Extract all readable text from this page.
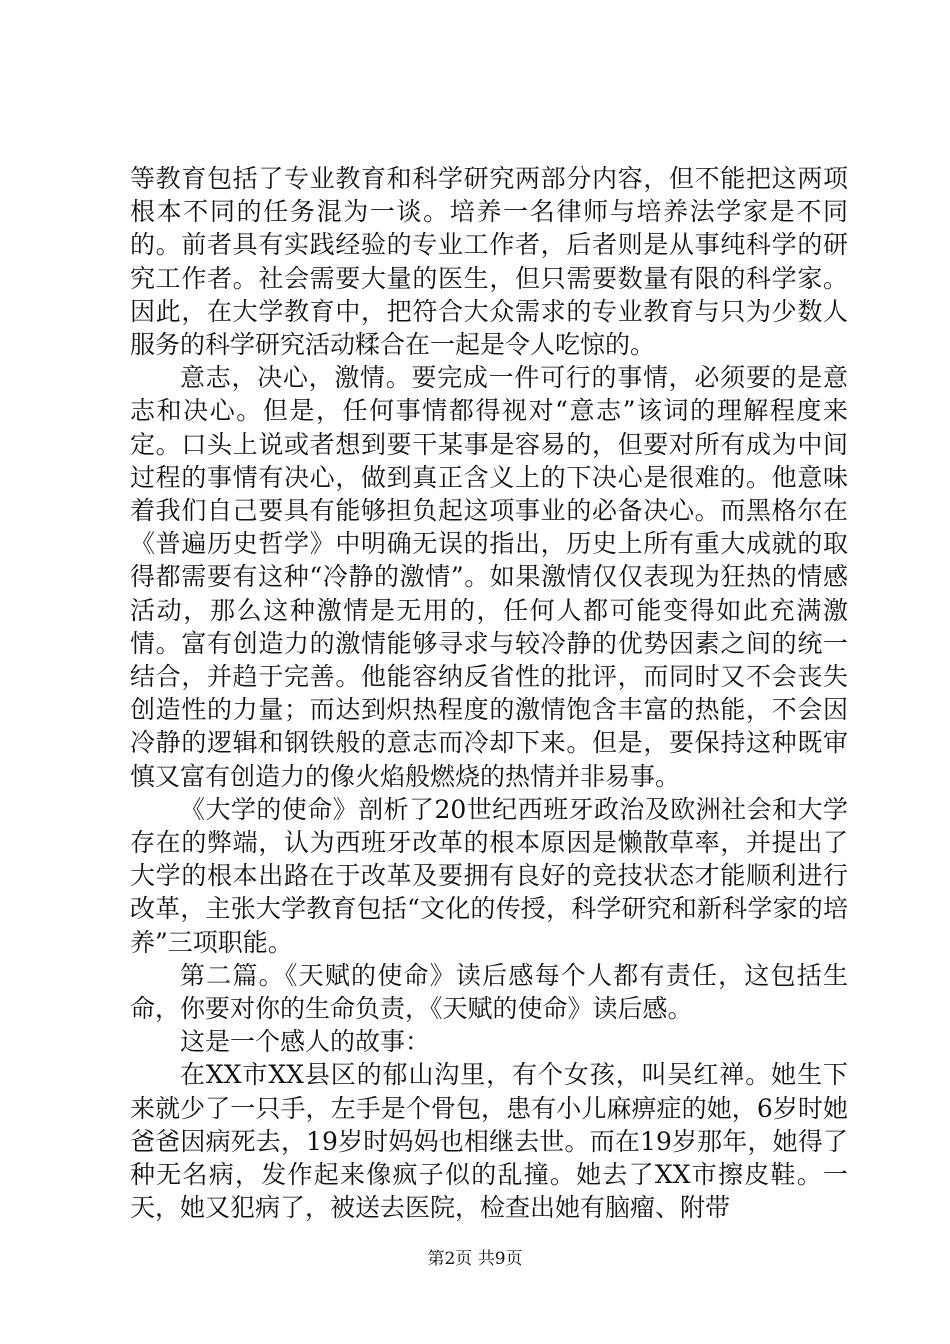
等教育包括了专业教育和科学研究两部分内容，但不能把这两项根本不同的任务混为一谈。培养一名律师与培养法学家是不同的。前者具有实践经验的专业工作者，后者则是从事纯科学的研究工作者。社会需要大量的医生，但只需要数量有限的科学家。因此，在大学教育中，把符合大众需求的专业教育与只为少数人服务的科学研究活动糅合在一起是令人吃惊的。

意志，决心，激情。要完成一件可行的事情，必须要的是意志和决心。但是，任何事情都得视对“意志”该词的理解程度来定。口头上说或者想到要干某事是容易的，但要对所有成为中间过程的事情有决心，做到真正含义上的下决心是很难的。他意味着我们自己要具有能够担负起这项事业的必备决心。而黑格尔在《普遍历史哲学》中明确无误的指出，历史上所有重大成就的取得都需要有这种“冷静的激情”。如果激情仅仅表现为狂热的情感活动，那么这种激情是无用的，任何人都可能变得如此充满激情。富有创造力的激情能够寻求与较冷静的优势因素之间的统一结合，并趋于完善。他能容纳反省性的批评，而同时又不会丧失创造性的力量；而达到炽热程度的激情饱含丰富的热能，不会因冷静的逻辑和钢铁般的意志而冷却下来。但是，要保持这种既审慎又富有创造力的像火焰般燃烧的热情并非易事。

《大学的使命》剖析了20世纪西班牙政治及欧洲社会和大学存在的弊端，认为西班牙改革的根本原因是懒散草率，并提出了大学的根本出路在于改革及要拥有良好的竞技状态才能顺利进行改革，主张大学教育包括“文化的传授，科学研究和新科学家的培养”三项职能。

第二篇。《天赋的使命》读后感每个人都有责任，这包括生命，你要对你的生命负责，《天赋的使命》读后感。

这是一个感人的故事：

在XX市XX县区的郁山沟里，有个女孩，叫吴红禅。她生下来就少了一只手，左手是个骨包，患有小儿麻痹症的她，6岁时她爸爸因病死去，19岁时妈妈也相继去世。而在19岁那年，她得了种无名病，发作起来像疯子似的乱撞。她去了XX市擦皮鞋。一天，她又犯病了，被送去医院，检查出她有脑瘤、附带

第2页 共9页
